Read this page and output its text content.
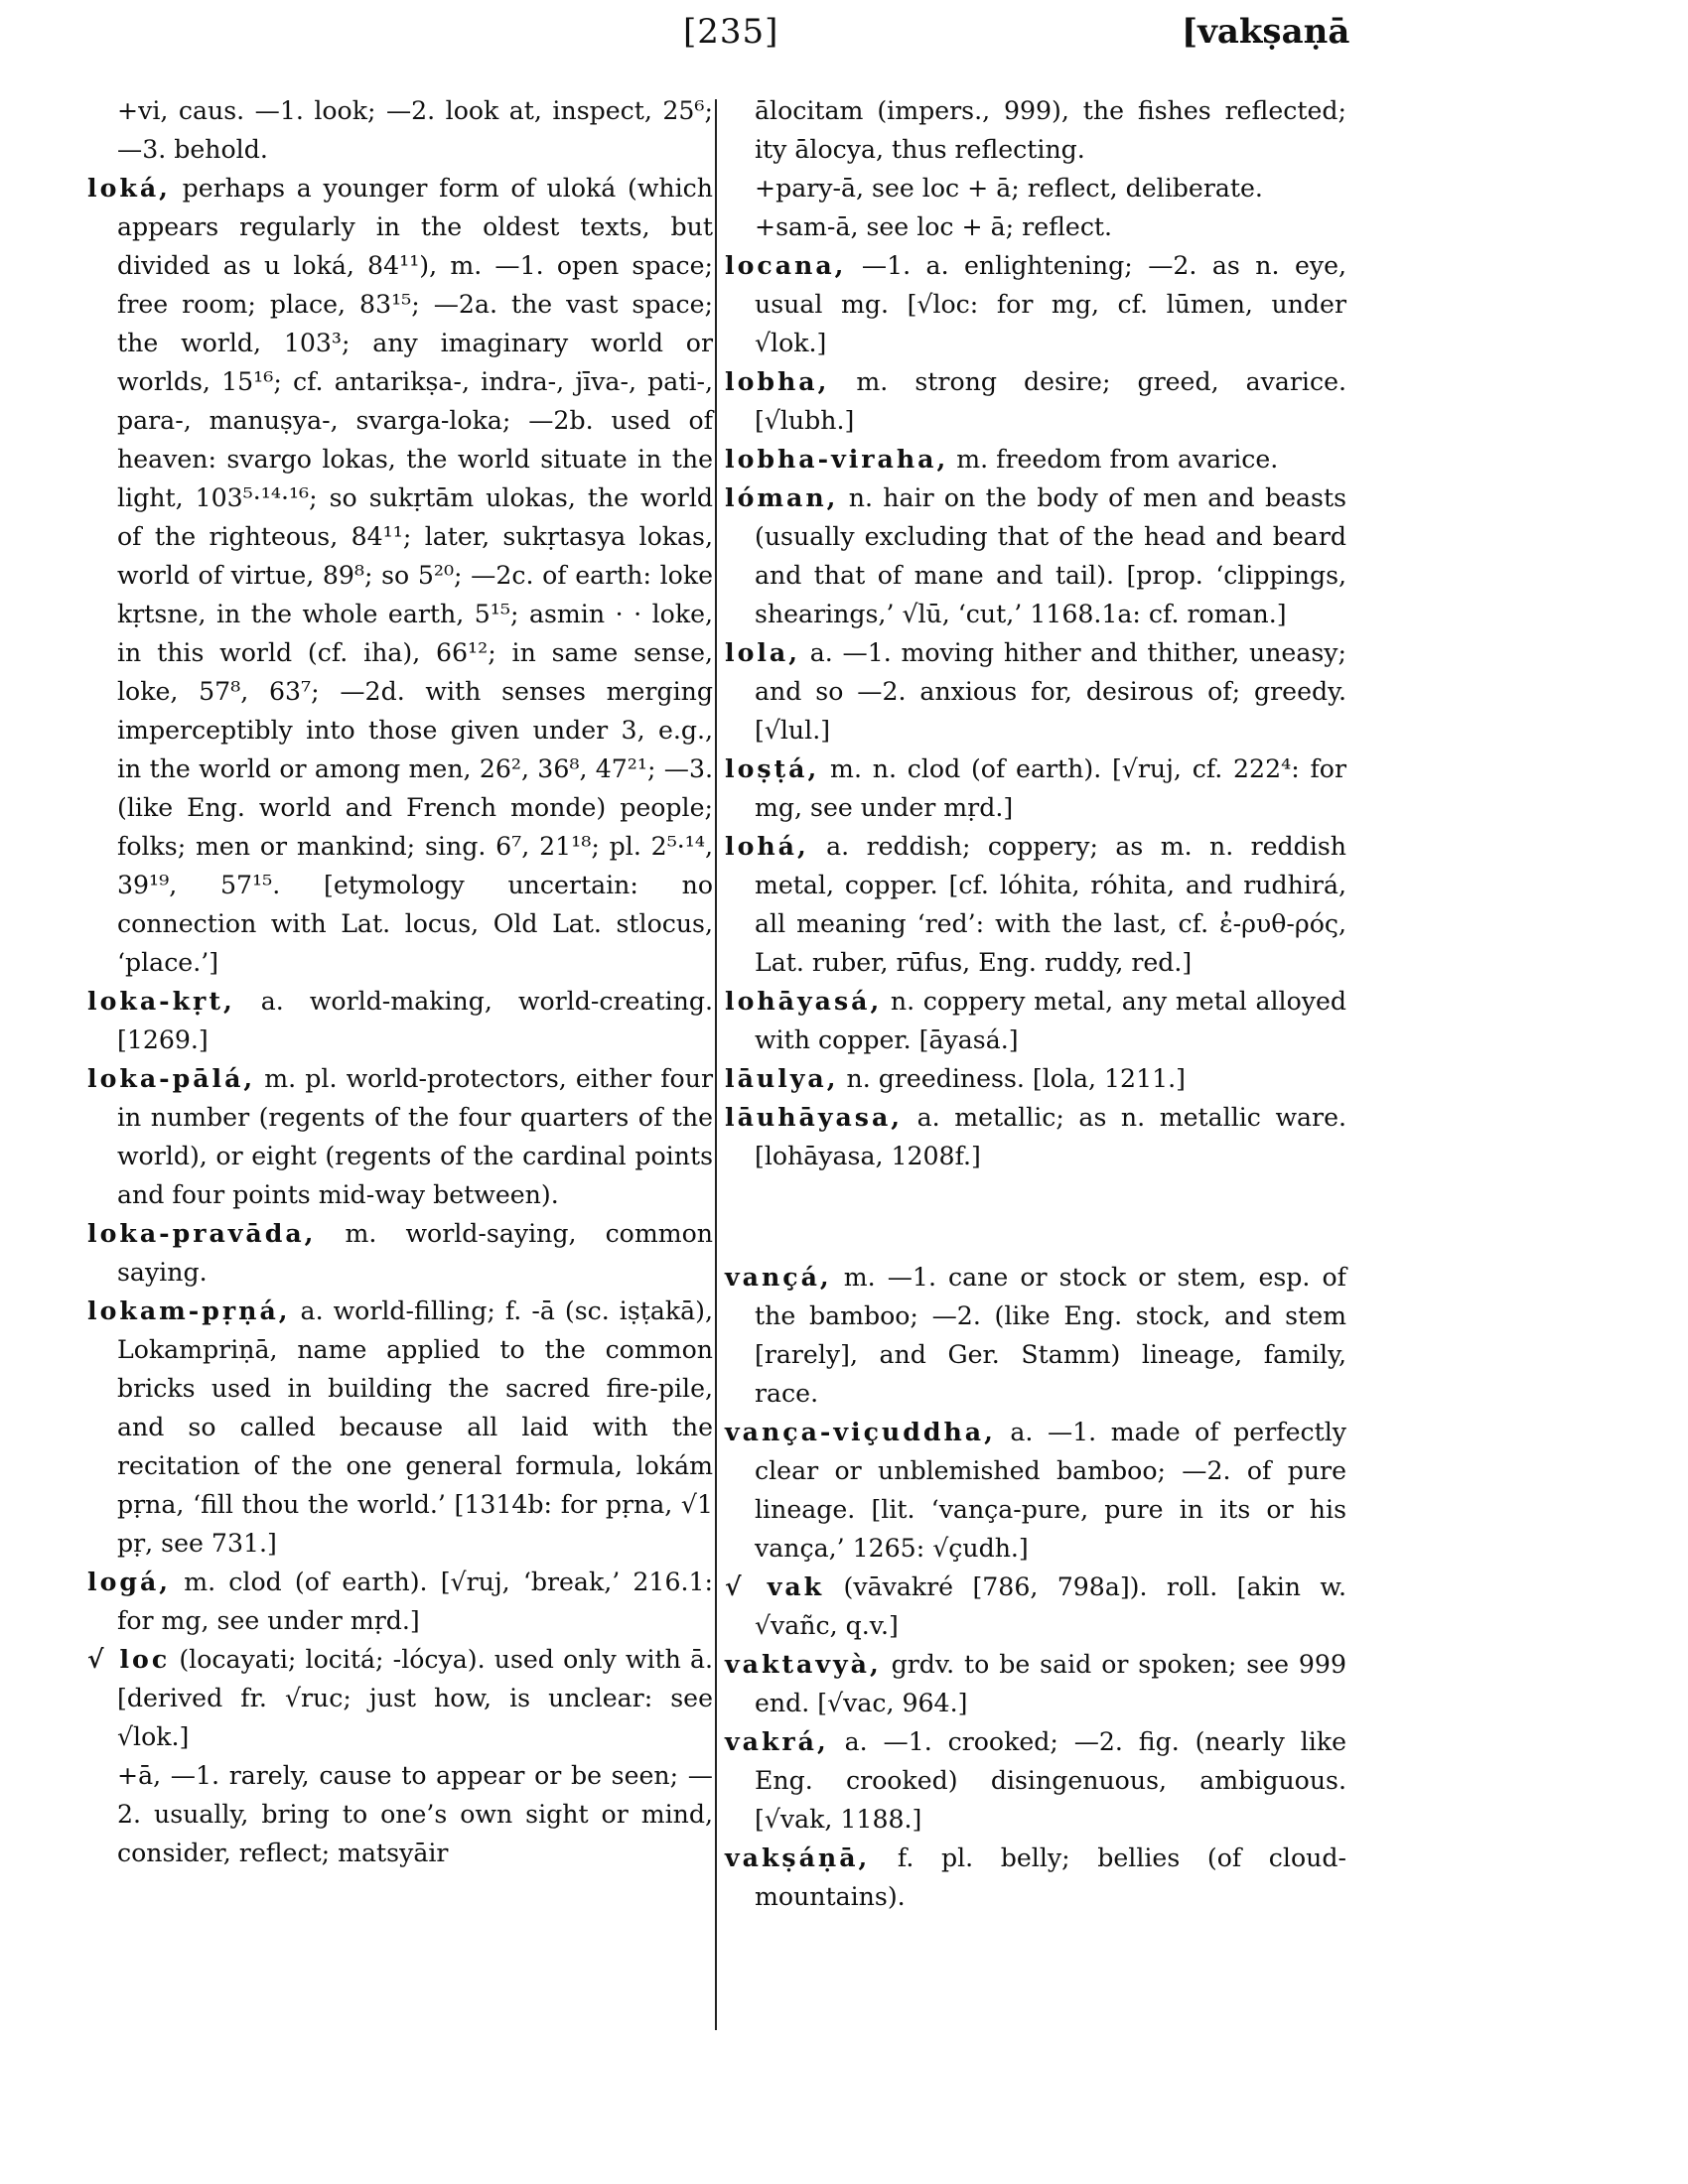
[235]	[vakṣaṇā

+vi, caus. —1. look; —2. look at, inspect, 25⁶; —3. behold.

loká, perhaps a younger form of uloká (which appears regularly in the oldest texts, but divided as u loká, 84¹¹), m. —1. open space; free room; place, 83¹⁵; —2a. the vast space; the world, 103³; any imaginary world or worlds, 15¹⁶; cf. antarikṣa-, indra-, jīva-, pati-, para-, manuṣya-, svarga-loka; —2b. used of heaven: svargo lokas, the world situate in the light, 103⁵·¹⁴·¹⁶; so sukṛtām ulokas, the world of the righteous, 84¹¹; later, sukṛtasya lokas, world of virtue, 89⁸; so 5²⁰; —2c. of earth: loke kṛtsne, in the whole earth, 5¹⁵; asmin · · loke, in this world (cf. iha), 66¹²; in same sense, loke, 57⁸, 63⁷; —2d. with senses merging imperceptibly into those given under 3, e.g., in the world or among men, 26², 36⁸, 47²¹; —3. (like Eng. world and French monde) people; folks; men or mankind; sing. 6⁷, 21¹⁸; pl. 2⁵·¹⁴, 39¹⁹, 57¹⁵. [etymology uncertain: no connection with Lat. locus, Old Lat. stlocus, ‘place.’]

loka-kṛt, a. world-making, world-creating. [1269.]

loka-pālá, m. pl. world-protectors, either four in number (regents of the four quarters of the world), or eight (regents of the cardinal points and four points mid-way between).

loka-pravāda, m. world-saying, common saying.

lokam-pṛṇá, a. world-filling; f. -ā (sc. iṣṭakā), Lokampriṇā, name applied to the common bricks used in building the sacred fire-pile, and so called because all laid with the recitation of the one general formula, lokám pṛna, ‘fill thou the world.’ [1314b: for pṛna, √1 pṛ, see 731.]

logá, m. clod (of earth). [√ruj, ‘break,’ 216.1: for mg, see under mṛd.]

√ loc (locayati; locitá; -lócya). used only with ā. [derived fr. √ruc; just how, is unclear: see √lok.]

+ā, —1. rarely, cause to appear or be seen; —2. usually, bring to one’s own sight or mind, consider, reflect; matsyāir

ālocitam (impers., 999), the fishes reflected; ity ālocya, thus reflecting.

+pary-ā, see loc + ā; reflect, deliberate.

+sam-ā, see loc + ā; reflect.

locana, —1. a. enlightening; —2. as n. eye, usual mg. [√loc: for mg, cf. lūmen, under √lok.]

lobha, m. strong desire; greed, avarice. [√lubh.]

lobha-viraha, m. freedom from avarice.

lóman, n. hair on the body of men and beasts (usually excluding that of the head and beard and that of mane and tail). [prop. ‘clippings, shearings,’ √lū, ‘cut,’ 1168.1a: cf. roman.]

lola, a. —1. moving hither and thither, uneasy; and so —2. anxious for, desirous of; greedy. [√lul.]

loṣṭá, m. n. clod (of earth). [√ruj, cf. 222⁴: for mg, see under mṛd.]

lohá, a. reddish; coppery; as m. n. reddish metal, copper. [cf. lóhita, róhita, and rudhirá, all meaning ‘red’: with the last, cf. ἐ-ρυθ-ρός, Lat. ruber, rūfus, Eng. ruddy, red.]

lohāyasá, n. coppery metal, any metal alloyed with copper. [āyasá.]

lāulya, n. greediness. [lola, 1211.]

lāuhāyasa, a. metallic; as n. metallic ware. [lohāyasa, 1208f.]

vançá, m. —1. cane or stock or stem, esp. of the bamboo; —2. (like Eng. stock, and stem [rarely], and Ger. Stamm) lineage, family, race.

vança-viçuddha, a. —1. made of perfectly clear or unblemished bamboo; —2. of pure lineage. [lit. ‘vança-pure, pure in its or his vança,’ 1265: √çudh.]

√ vak (vāvakré [786, 798a]). roll. [akin w. √vañc, q.v.]

vaktavyà, grdv. to be said or spoken; see 999 end. [√vac, 964.]

vakrá, a. —1. crooked; —2. fig. (nearly like Eng. crooked) disingenuous, ambiguous. [√vak, 1188.]

vakṣáṇā, f. pl. belly; bellies (of cloud-mountains).
